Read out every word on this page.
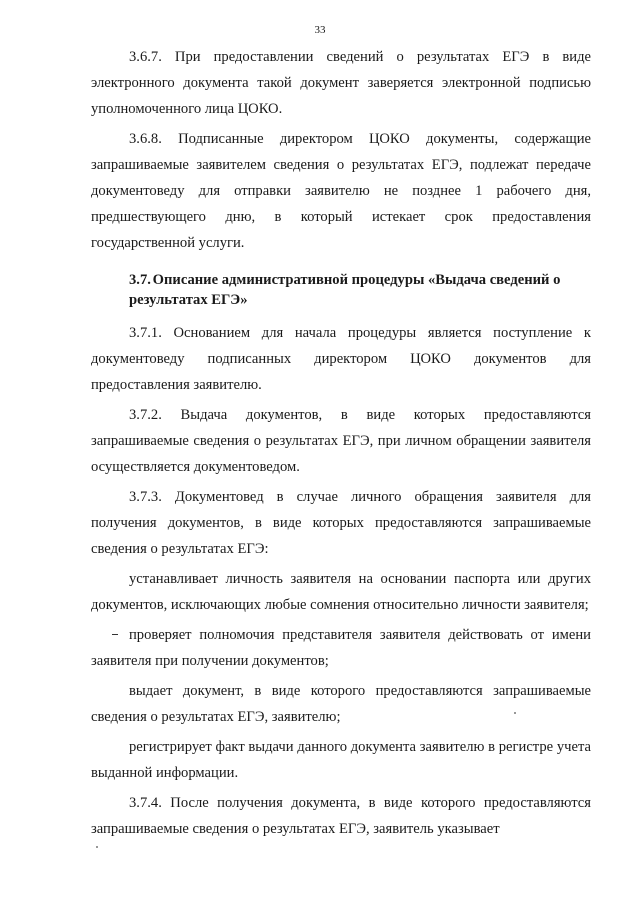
33

3.6.7. При предоставлении сведений о результатах ЕГЭ в виде электронного документа такой документ заверяется электронной подписью уполномоченного лица ЦОКО.

3.6.8. Подписанные директором ЦОКО документы, содержащие запрашиваемые заявителем сведения о результатах ЕГЭ, подлежат передаче документоведу для отправки заявителю не позднее 1 рабочего дня, предшествующего дню, в который истекает срок предоставления государственной услуги.

3.7. Описание административной процедуры «Выдача сведений о результатах ЕГЭ»

3.7.1. Основанием для начала процедуры является поступление к документоведу подписанных директором ЦОКО документов для предоставления заявителю.

3.7.2. Выдача документов, в виде которых предоставляются запрашиваемые сведения о результатах ЕГЭ, при личном обращении заявителя осуществляется документоведом.

3.7.3. Документовед в случае личного обращения заявителя для получения документов, в виде которых предоставляются запрашиваемые сведения о результатах ЕГЭ:

устанавливает личность заявителя на основании паспорта или других документов, исключающих любые сомнения относительно личности заявителя;

проверяет полномочия представителя заявителя действовать от имени заявителя при получении документов;

выдает документ, в виде которого предоставляются запрашиваемые сведения о результатах ЕГЭ, заявителю;

регистрирует факт выдачи данного документа заявителю в регистре учета выданной информации.

3.7.4. После получения документа, в виде которого предоставляются запрашиваемые сведения о результатах ЕГЭ, заявитель указывает
